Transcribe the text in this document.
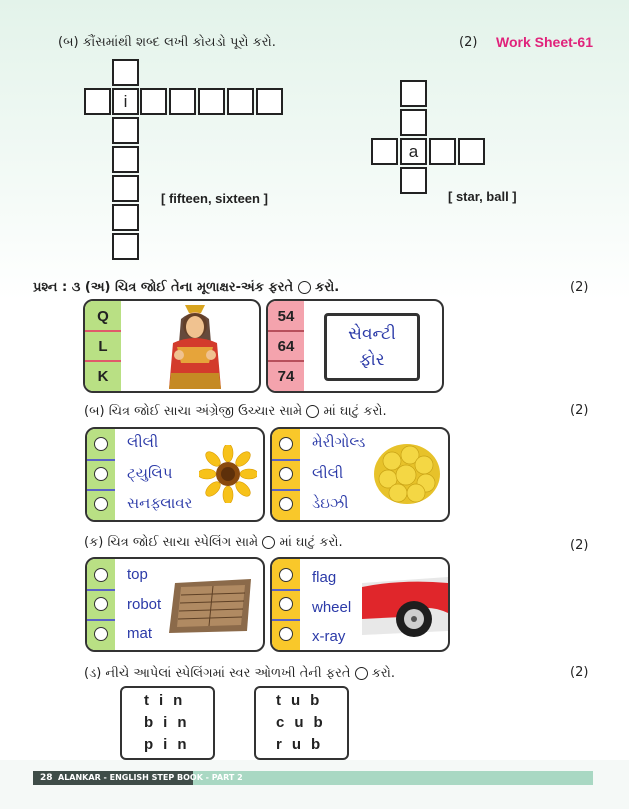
(બ) કૌંસમાંથી શબ્દ લખી કોયડો પૂરો કરો.	(2) Work Sheet-61
i
[ fifteen, sixteen ]
a
[ star, ball ]
પ્રશ્ન : ૩ (અ) ચિત્ર જોઈ તેના મૂળાક્ષર-અંક ફરતે કરો.	(2)
Q
L
K
54
64
74
સેવન્ટી
ફોર
(બ) ચિત્ર જોઈ સાચા અંગ્રેજી ઉચ્ચાર સામે માં ઘાટું કરો.	(2)
લીલી
ટ્યુલિપ
સનફ્લાવર
મેરીગોલ્ડ
લીલી
ડેઇઝી
(ક) ચિત્ર જોઈ સાચા સ્પેલિંગ સામે માં ઘાટું કરો.	(2)
top
robot
mat
flag
wheel
x-ray
(ડ) નીચે આપેલાં સ્પેલિંગમાં સ્વર ઓળખી તેની ફરતે કરો.	(2)
tin
bin
pin
tub
cub
rub
28 ALANKAR - ENGLISH STEP BOOK - PART 2
